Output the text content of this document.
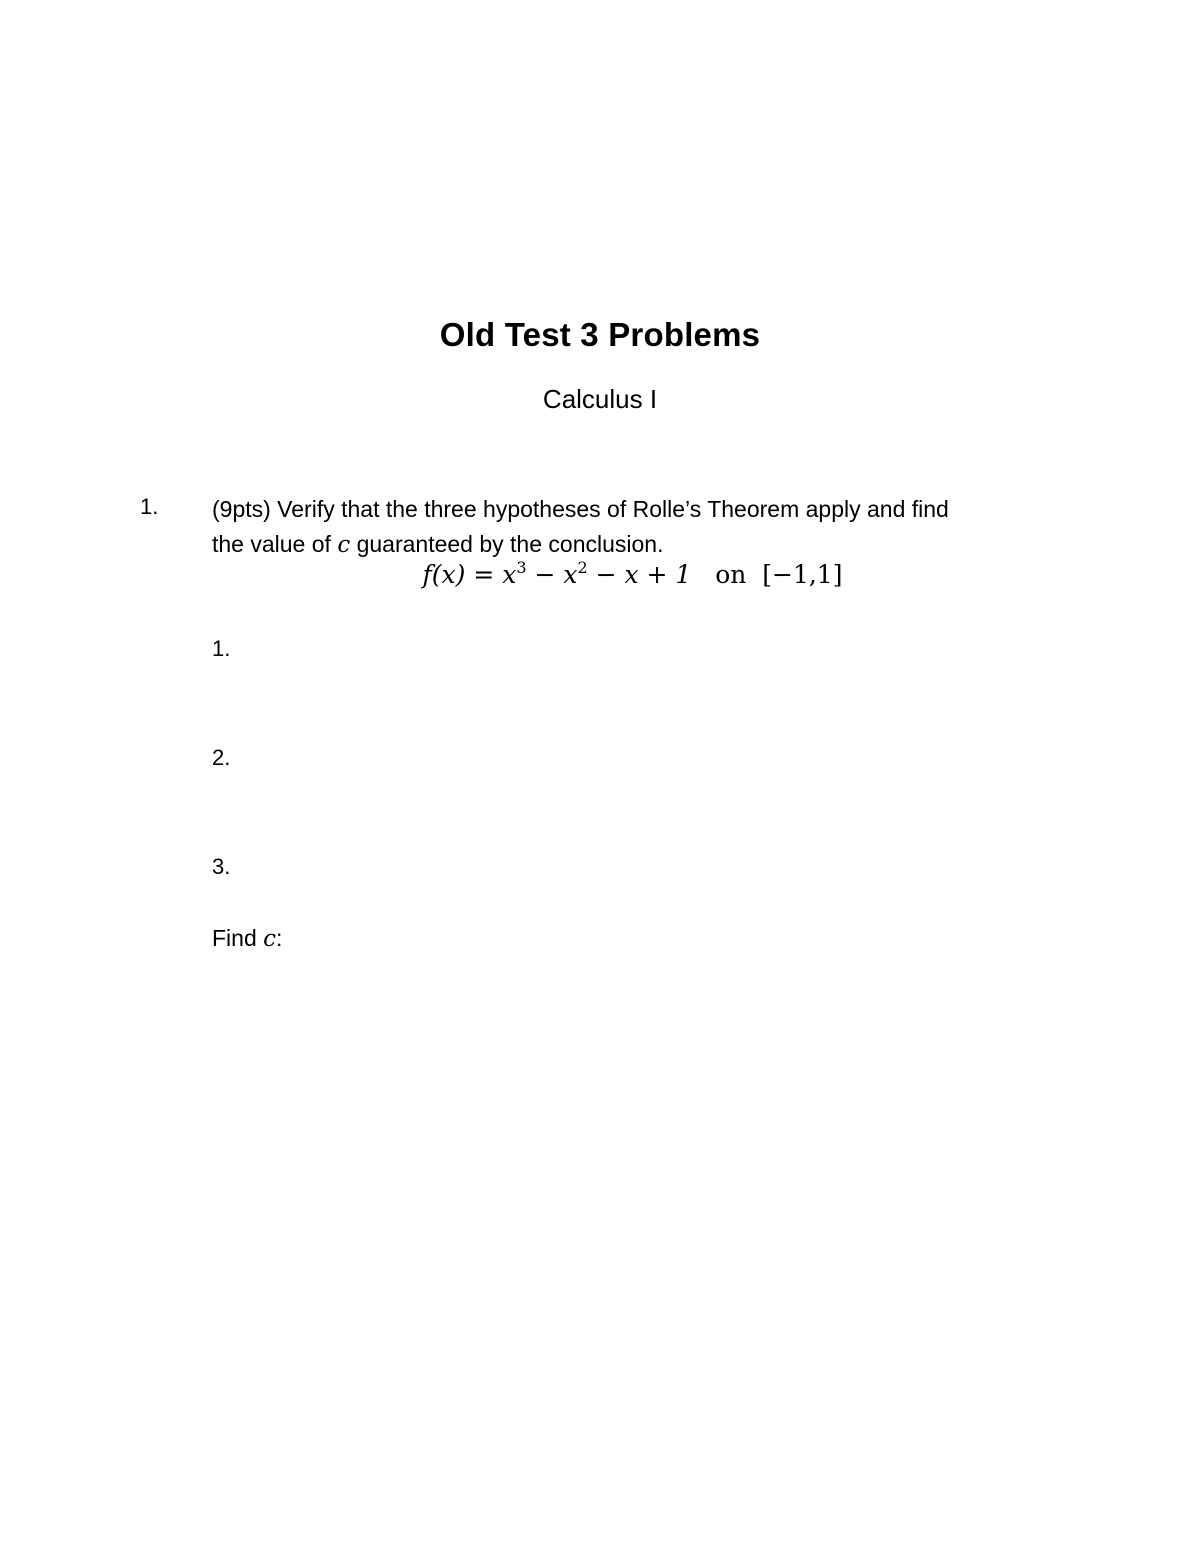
Old Test 3 Problems
Calculus I
1. (9pts) Verify that the three hypotheses of Rolle’s Theorem apply and find
the value of c guaranteed by the conclusion.
$f(x) = x^3 - x^2 - x + 1$ on [−1,1]
1.
2.
3.
Find c:
